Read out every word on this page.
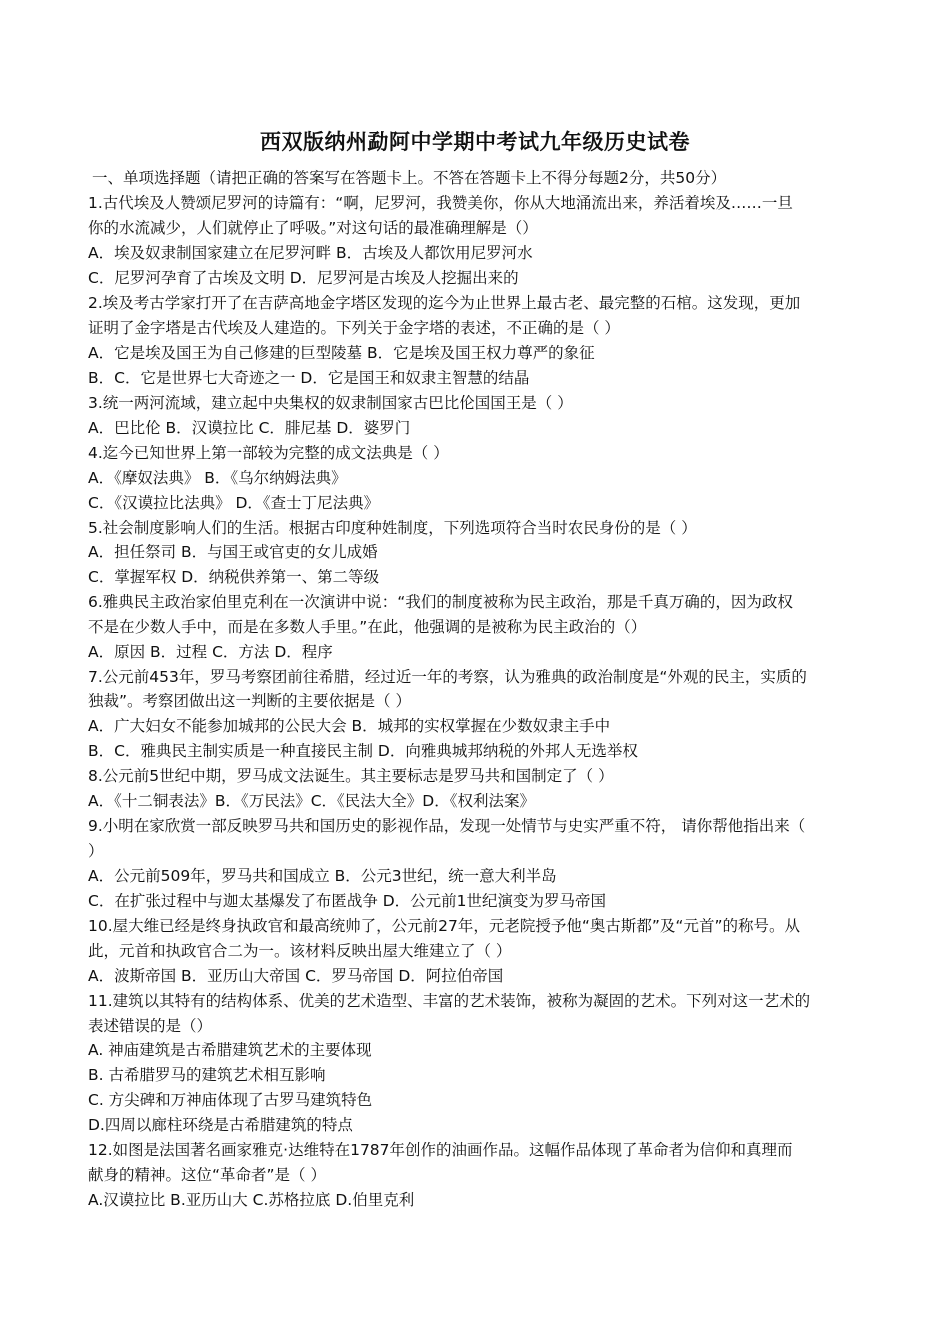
西双版纳州勐阿中学期中考试九年级历史试卷
一、单项选择题（请把正确的答案写在答题卡上。不答在答题卡上不得分每题2分，共50分）
1.古代埃及人赞颂尼罗河的诗篇有：“啊，尼罗河，我赞美你，你从大地涌流出来，养活着埃及……一旦
你的水流减少，人们就停止了呼吸。”对这句话的最准确理解是（）
A．埃及奴隶制国家建立在尼罗河畔 B．古埃及人都饮用尼罗河水
C．尼罗河孕育了古埃及文明 D．尼罗河是古埃及人挖掘出来的
2.埃及考古学家打开了在吉萨高地金字塔区发现的迄今为止世界上最古老、最完整的石棺。这发现，更加
证明了金字塔是古代埃及人建造的。下列关于金字塔的表述，不正确的是（ ）
A．它是埃及国王为自己修建的巨型陵墓 B．它是埃及国王权力尊严的象征
B．C．它是世界七大奇迹之一 D．它是国王和奴隶主智慧的结晶
3.统一两河流域，建立起中央集权的奴隶制国家古巴比伦国国王是（ ）
A．巴比伦 B．汉谟拉比 C．腓尼基 D．婆罗门
4.迄今已知世界上第一部较为完整的成文法典是（ ）
A．《摩奴法典》 B．《乌尔纳姆法典》
C．《汉谟拉比法典》 D．《查士丁尼法典》
5.社会制度影响人们的生活。根据古印度种姓制度，下列选项符合当时农民身份的是（ ）
A．担任祭司 B．与国王或官吏的女儿成婚
C．掌握军权 D．纳税供养第一、第二等级
6.雅典民主政治家伯里克利在一次演讲中说：“我们的制度被称为民主政治，那是千真万确的，因为政权
不是在少数人手中，而是在多数人手里。”在此，他强调的是被称为民主政治的（）
A．原因 B．过程 C．方法 D．程序
7.公元前453年，罗马考察团前往希腊，经过近一年的考察，认为雅典的政治制度是“外观的民主，实质的
独裁”。考察团做出这一判断的主要依据是（ ）
A．广大妇女不能参加城邦的公民大会 B．城邦的实权掌握在少数奴隶主手中
B．C．雅典民主制实质是一种直接民主制 D．向雅典城邦纳税的外邦人无选举权
8.公元前5世纪中期，罗马成文法诞生。其主要标志是罗马共和国制定了（ ）
A．《十二铜表法》B．《万民法》C．《民法大全》D．《权利法案》
9.小明在家欣赏一部反映罗马共和国历史的影视作品，发现一处情节与史实严重不符， 请你帮他指出来（
）
A．公元前509年，罗马共和国成立 B．公元3世纪，统一意大利半岛
C．在扩张过程中与迦太基爆发了布匿战争 D．公元前1世纪演变为罗马帝国
10.屋大维已经是终身执政官和最高统帅了，公元前27年，元老院授予他“奥古斯都”及“元首”的称号。从
此，元首和执政官合二为一。该材料反映出屋大维建立了（ ）
A．波斯帝国 B．亚历山大帝国 C．罗马帝国 D．阿拉伯帝国
11.建筑以其特有的结构体系、优美的艺术造型、丰富的艺术装饰，被称为凝固的艺术。下列对这一艺术的
表述错误的是（）
A. 神庙建筑是古希腊建筑艺术的主要体现
B. 古希腊罗马的建筑艺术相互影响
C. 方尖碑和万神庙体现了古罗马建筑特色
D.四周以廊柱环绕是古希腊建筑的特点
12.如图是法国著名画家雅克·达维特在1787年创作的油画作品。这幅作品体现了革命者为信仰和真理而
献身的精神。这位“革命者”是（ ）
A.汉谟拉比 B.亚历山大 C.苏格拉底 D.伯里克利
